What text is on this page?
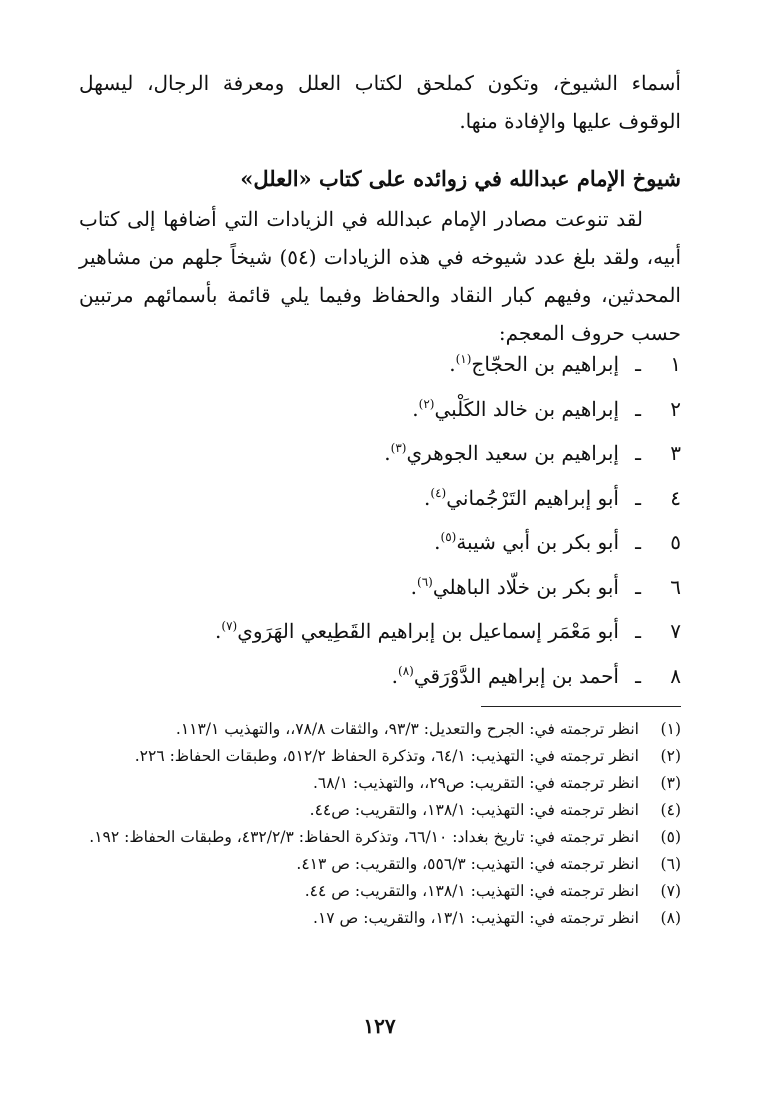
أسماء الشيوخ، وتكون كملحق لكتاب العلل ومعرفة الرجال، ليسهل الوقوف عليها والإفادة منها.

شيوخ الإمام عبدالله في زوائده على كتاب «العلل»

لقد تنوعت مصادر الإمام عبدالله في الزيادات التي أضافها إلى كتاب أبيه، ولقد بلغ عدد شيوخه في هذه الزيادات (٥٤) شيخاً جلهم من مشاهير المحدثين، وفيهم كبار النقاد والحفاظ وفيما يلي قائمة بأسمائهم مرتبين حسب حروف المعجم:

١ـإبراهيم بن الحجّاج$^{(١)}$.
٢ـإبراهيم بن خالد الكَلْبي$^{(٢)}$.
٣ـإبراهيم بن سعيد الجوهري$^{(٣)}$.
٤ـأبو إبراهيم التَرْجُماني$^{(٤)}$.
٥ـأبو بكر بن أبي شيبة$^{(٥)}$.
٦ـأبو بكر بن خلّاد الباهلي$^{(٦)}$.
٧ـأبو مَعْمَر إسماعيل بن إبراهيم القَطِيعي الهَرَوي$^{(٧)}$.
٨ـأحمد بن إبراهيم الدَّوْرَقي$^{(٨)}$.
(١)
انظر ترجمته في: الجرح والتعديل: ٩٣/٣، والثقات ٧٨/٨،، والتهذيب ١١٣/١.
(٢)
انظر ترجمته في: التهذيب: ٦٤/١، وتذكرة الحفاظ ٥١٢/٢، وطبقات الحفاظ: ٢٢٦.
(٣)
انظر ترجمته في: التقريب: ص٢٩،، والتهذيب: ٦٨/١.
(٤)
انظر ترجمته في: التهذيب: ١٣٨/١، والتقريب: ص٤٤.
(٥)
انظر ترجمته في: تاريخ بغداد: ٦٦/١٠، وتذكرة الحفاظ: ٤٣٢/٢/٣، وطبقات الحفاظ: ١٩٢.
(٦)
انظر ترجمته في: التهذيب: ٥٥٦/٣، والتقريب: ص ٤١٣.
(٧)
انظر ترجمته في: التهذيب: ١٣٨/١، والتقريب: ص ٤٤.
(٨)
انظر ترجمته في: التهذيب: ١٣/١، والتقريب: ص ١٧.

١٢٧
